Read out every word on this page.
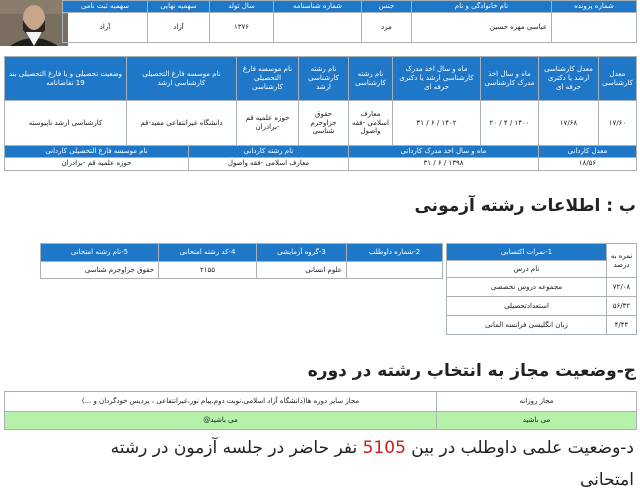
شماره پرونده	نام خانوادگی و نام	جنس	شماره شناسنامه	سال تولد	سهمیه نهایی	سهمیه ثبت نامی
	عباسی مهره حسین	مرد		۱۳۷۶	آزاد	آزاد
معدل کارشناسی	معدل کارشناسی ارشد یا دکتری حرفه ای	ماه و سال اخذ مدرک کارشناسی	ماه و سال اخذ مدرک کارشناسی ارشد یا دکتری حرفه ای	نام رشته کارشناسی	نام رشته کارشناسی ارشد	نام موسسه فارغ التحصیلی کارشناسی	نام موسسه فارغ التحصیلی کارشناسی ارشد	وضعیت تحصیلی و یا فارغ التحصیلی بند 19 تقاضانامه
۱۷/۶۰	۱۷/۶۸	۱۴۰۰ / ۴ / ۲۰	۱۴۰۲ / ۶ / ۳۱	معارف اسلامی -فقه واصول	حقوق جزاوجرم شناسی	حوزه علمیه قم -برادران	دانشگاه غیرانتفاعی مفید-قم	کارشناسی ارشد ناپیوسته
معدل کاردانی	ماه و سال اخذ مدرک کاردانی	نام رشته کاردانی	نام موسسه فارغ التحصیلی کاردانی
۱۸/۵۶	۱۳۹۸ / ۶ / ۳۱	معارف اسلامی -فقه واصول	حوزه علمیه قم -برادران
ب : اطلاعات رشته آزمونی
نمره به درصد	1-نمرات اکتسابی
	نام درس
۷۲/۰۸	مجموعه دروس تخصصی
۵۶/۳۲	استعدادتحصیلی
۴/۴۴	زبان انگلیسی فرانسه المانی
2-شماره داوطلب	3-گروه آزمایشی	4-کد رشته امتحانی	5-نام رشته امتحانی
	علوم انسانی	۲۱۵۵	حقوق جزاوجرم شناسی
ج-وضعیت مجاز به انتخاب رشته در دوره
مجاز روزانه	مجاز سایر دوره ها(دانشگاه آزاد اسلامی،نوبت دوم،پیام نور،غیرانتفاعی ، پردیس خودگردان و ...)
می باشید	می باشید@
د-وضعیت علمی داوطلب در بین 5105 نفر حاضر در جلسه آزمون در رشته
امتحانی
